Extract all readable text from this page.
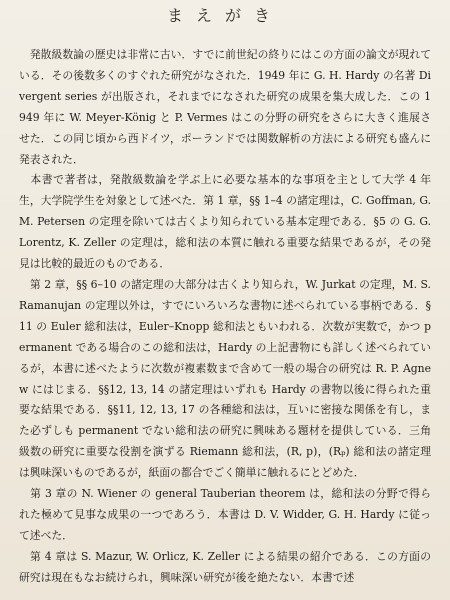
まえがき

　発散級数論の歴史は非常に古い．すでに前世紀の終りにはこの方面の論文が現れている．その後数多くのすぐれた研究がなされた．1949 年に G. H. Hardy の名著 Divergent series が出版され，それまでになされた研究の成果を集大成した．この 1949 年に W. Meyer-König と P. Vermes はこの分野の研究をさらに大きく進展させた．この同じ頃から西ドイツ，ポーランドでは関数解析の方法による研究も盛んに発表された．

　本書で著者は，発散級数論を学ぶ上に必要な基本的な事項を主として大学 4 年生，大学院学生を対象として述べた．第 1 章，§§ 1–4 の諸定理は，C. Goffman, G. M. Petersen の定理を除いては古くより知られている基本定理である．§5 の G. G. Lorentz, K. Zeller の定理は，総和法の本質に触れる重要な結果であるが，その発見は比較的最近のものである．

　第 2 章，§§ 6–10 の諸定理の大部分は古くより知られ，W. Jurkat の定理，M. S. Ramanujan の定理以外は，すでにいろいろな書物に述べられている事柄である．§11 の Euler 総和法は，Euler–Knopp 総和法ともいわれる．次数が実数で，かつ permanent である場合のこの総和法は，Hardy の上記書物にも詳しく述べられているが，本書に述べたように次数が複素数まで含めて一般の場合の研究は R. P. Agnew にはじまる．§§12, 13, 14 の諸定理はいずれも Hardy の書物以後に得られた重要な結果である．§§11, 12, 13, 17 の各種総和法は，互いに密接な関係を有し，また必ずしも permanent でない総和法の研究に興味ある題材を提供している．三角級数の研究に重要な役割を演ずる Riemann 総和法，(R, p)，(Rₚ) 総和法の諸定理は興味深いものであるが，紙面の都合でごく簡単に触れるにとどめた．

　第 3 章の N. Wiener の general Tauberian theorem は，総和法の分野で得られた極めて見事な成果の一つであろう．本書は D. V. Widder, G. H. Hardy に従って述べた．

　第 4 章は S. Mazur, W. Orlicz, K. Zeller による結果の紹介である．この方面の研究は現在もなお続けられ，興味深い研究が後を絶たない．本書で述
